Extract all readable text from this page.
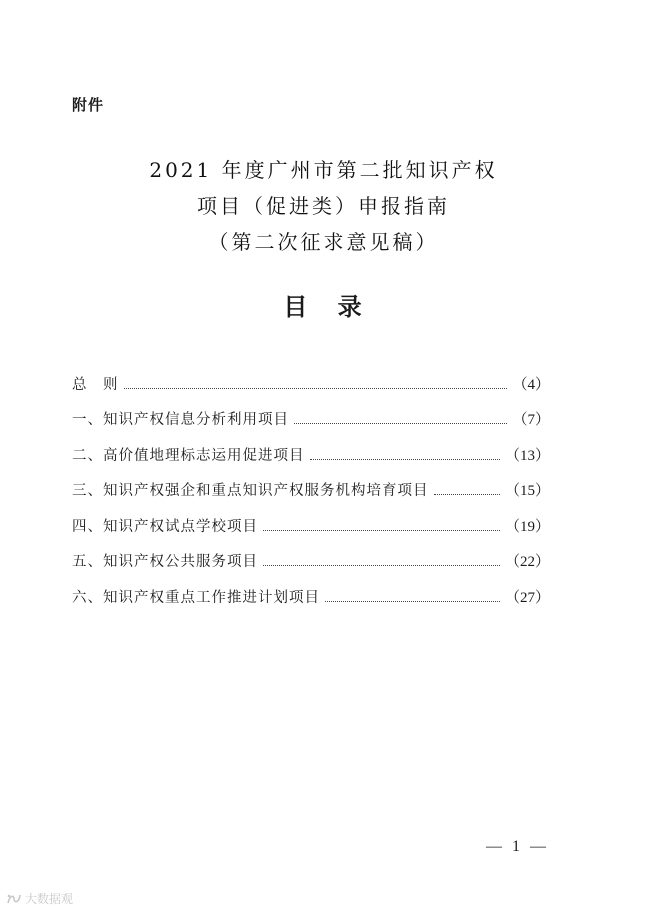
附件
2021 年度广州市第二批知识产权
项目（促进类）申报指南
（第二次征求意见稿）
目 录
总　则	（4）
一、知识产权信息分析利用项目	（7）
二、高价值地理标志运用促进项目	（13）
三、知识产权强企和重点知识产权服务机构培育项目	（15）
四、知识产权试点学校项目	（19）
五、知识产权公共服务项目	（22）
六、知识产权重点工作推进计划项目	（27）
— 1 —
大数据观
